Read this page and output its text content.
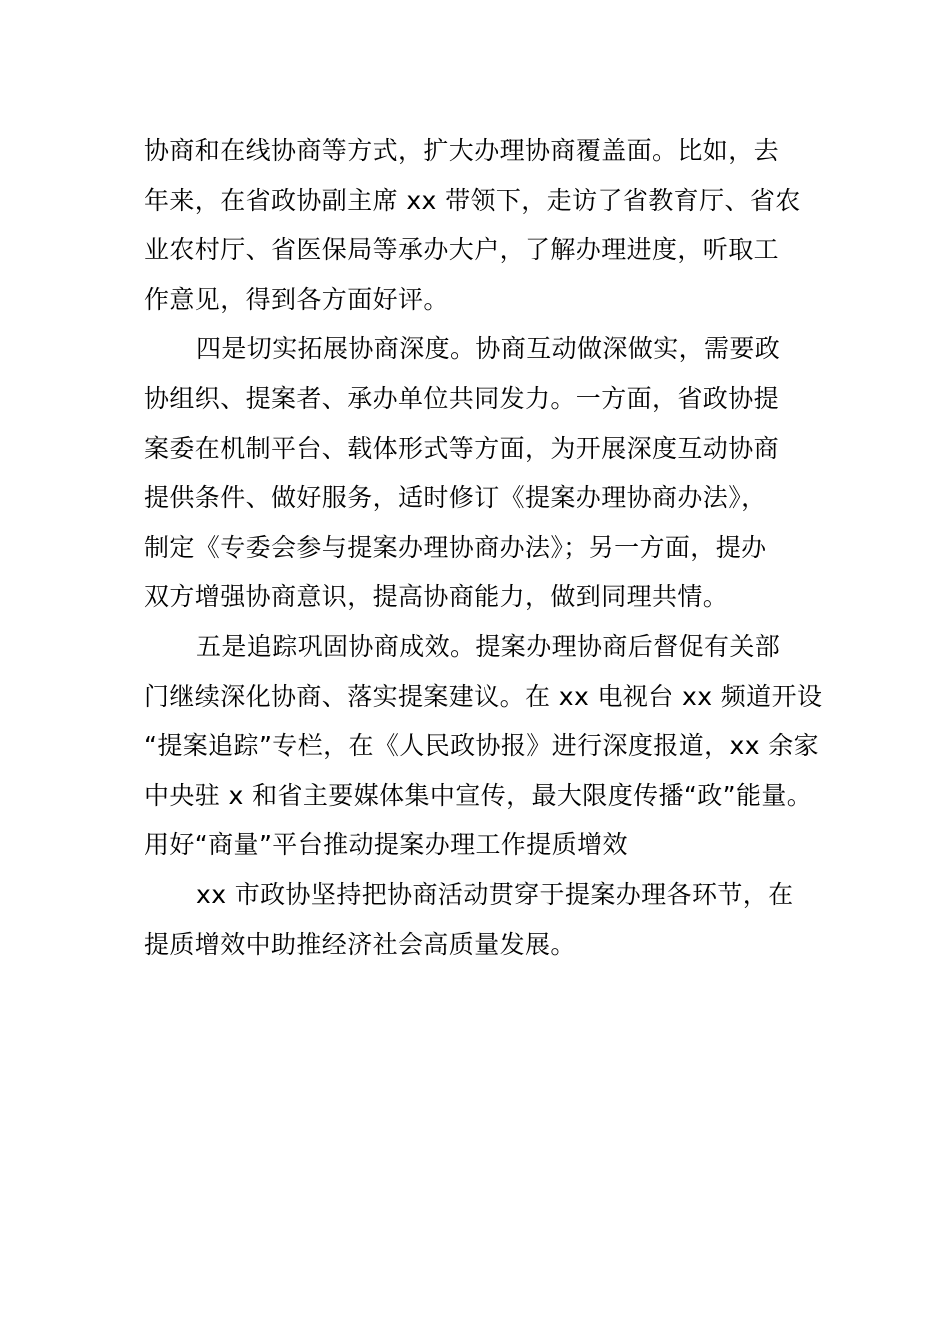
协商和在线协商等方式，扩大办理协商覆盖面。比如，去
年来，在省政协副主席 xx 带领下，走访了省教育厅、省农
业农村厅、省医保局等承办大户，了解办理进度，听取工
作意见，得到各方面好评。
四是切实拓展协商深度。协商互动做深做实，需要政
协组织、提案者、承办单位共同发力。一方面，省政协提
案委在机制平台、载体形式等方面，为开展深度互动协商
提供条件、做好服务，适时修订《提案办理协商办法》，
制定《专委会参与提案办理协商办法》；另一方面，提办
双方增强协商意识，提高协商能力，做到同理共情。
五是追踪巩固协商成效。提案办理协商后督促有关部
门继续深化协商、落实提案建议。在 xx 电视台 xx 频道开设
“提案追踪”专栏，在《人民政协报》进行深度报道，xx 余家
中央驻 x 和省主要媒体集中宣传，最大限度传播“政”能量。
用好“商量”平台推动提案办理工作提质增效
xx 市政协坚持把协商活动贯穿于提案办理各环节，在
提质增效中助推经济社会高质量发展。
